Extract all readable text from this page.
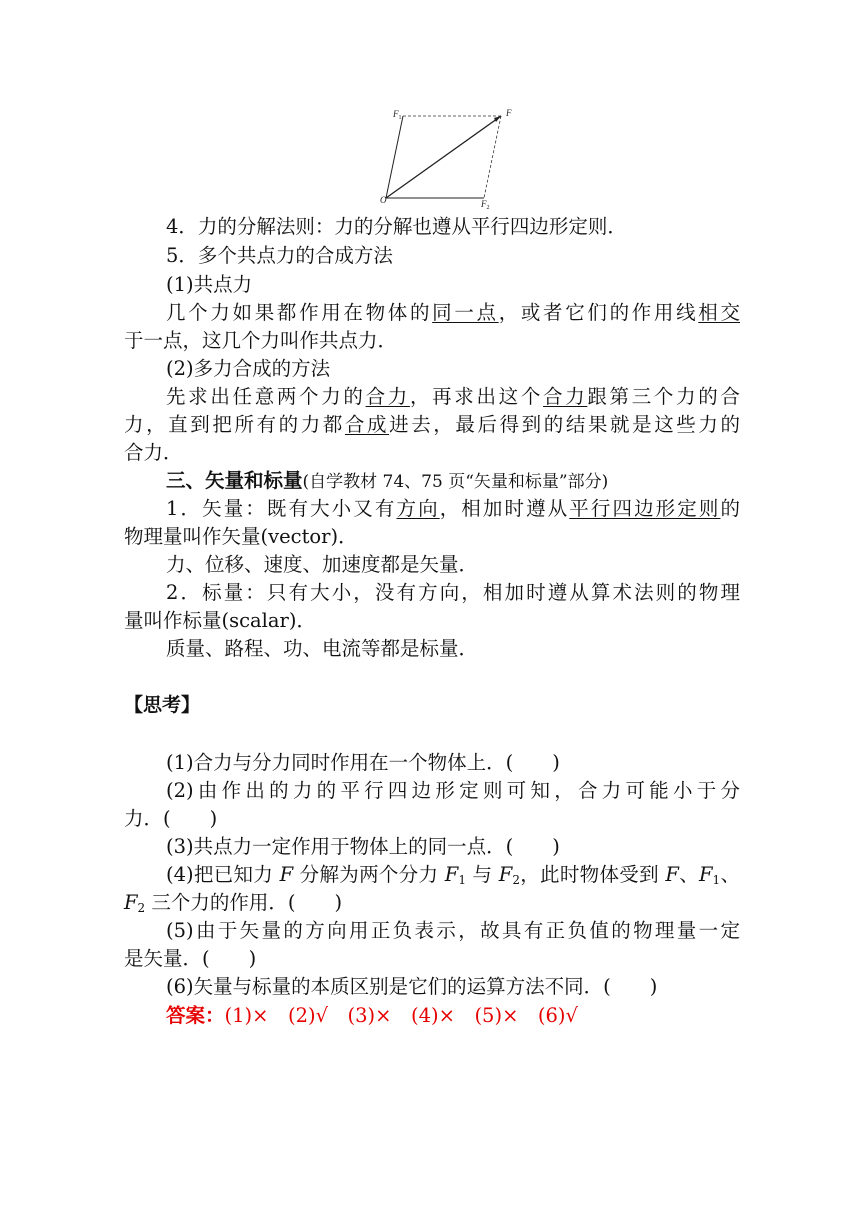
$F_1$	F
O	$F_2$
4．力的分解法则：力的分解也遵从平行四边形定则．
5．多个共点力的合成方法
(1)共点力
几个力如果都作用在物体的同一点，或者它们的作用线相交
于一点，这几个力叫作共点力．
(2)多力合成的方法
先求出任意两个力的合力，再求出这个合力跟第三个力的合
力，直到把所有的力都合成进去，最后得到的结果就是这些力的
合力．
三、矢量和标量(自学教材 74、75 页“矢量和标量”部分)
1．矢量：既有大小又有方向，相加时遵从平行四边形定则的
物理量叫作矢量(vector)．
力、位移、速度、加速度都是矢量．
2．标量：只有大小，没有方向，相加时遵从算术法则的物理
量叫作标量(scalar)．
质量、路程、功、电流等都是标量．
【思考】
(1)合力与分力同时作用在一个物体上．(　　)
(2)由作出的力的平行四边形定则可知，合力可能小于分
力．(　　)
(3)共点力一定作用于物体上的同一点．(　　)
(4)把已知力 F 分解为两个分力 $F_1$ 与 $F_2$，此时物体受到 F、$F_1$、
$F_2$ 三个力的作用．(　　)
(5)由于矢量的方向用正负表示，故具有正负值的物理量一定
是矢量．(　　)
(6)矢量与标量的本质区别是它们的运算方法不同．(　　)
答案：(1)×　(2)√　(3)×　(4)×　(5)×　(6)√
